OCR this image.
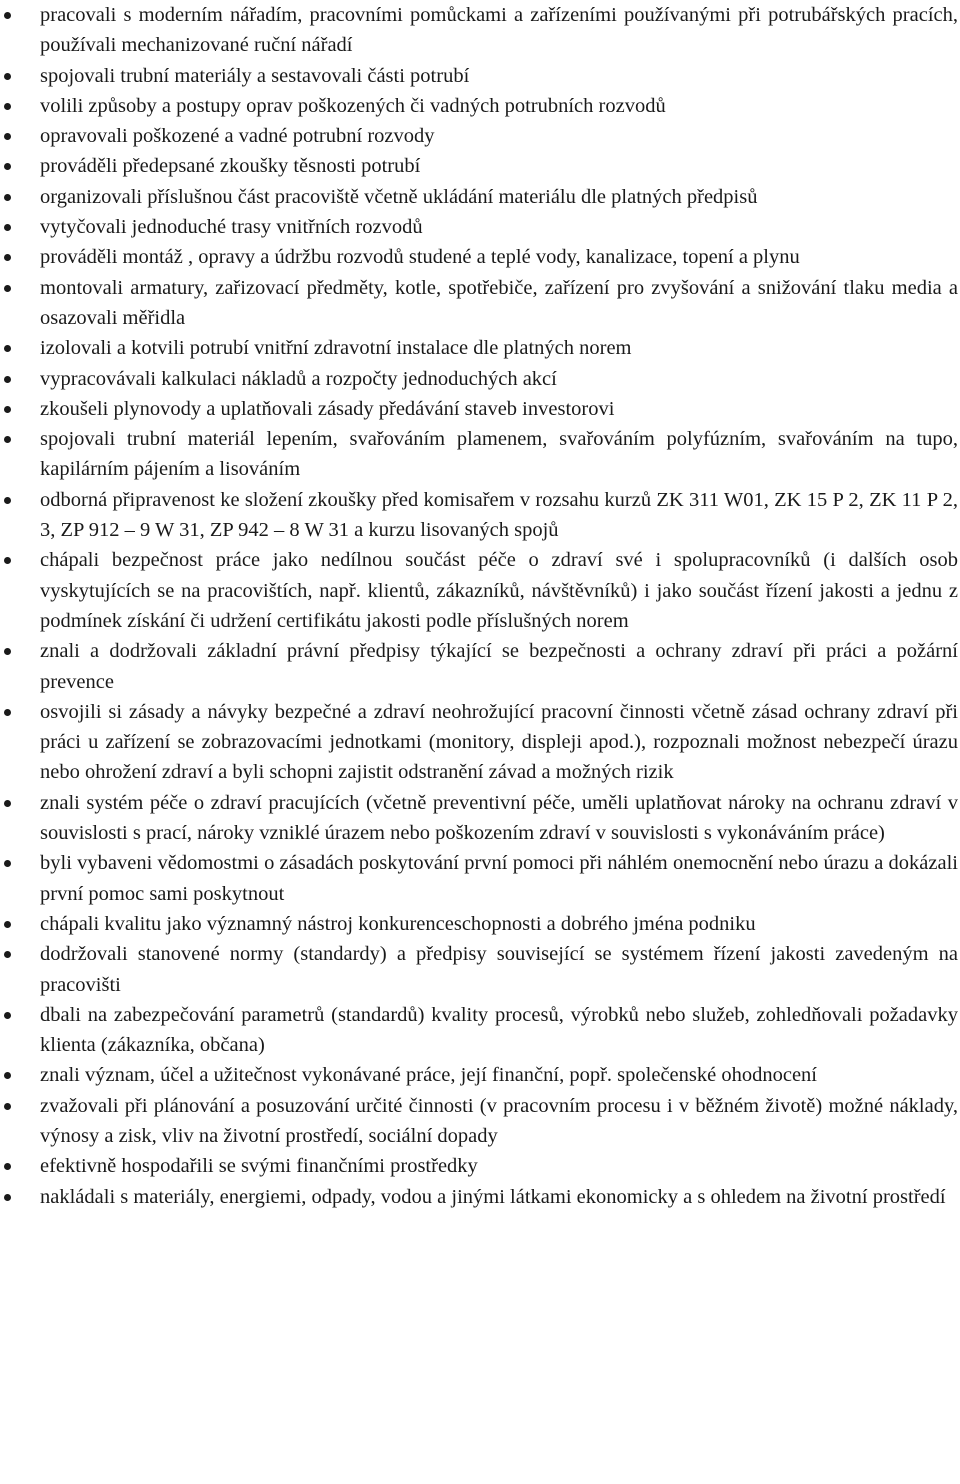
pracovali s moderním nářadím, pracovními pomůckami a zařízeními používanými při potrubářských pracích, používali mechanizované ruční nářadí
spojovali trubní materiály a sestavovali části potrubí
volili způsoby a postupy oprav poškozených či vadných potrubních rozvodů
opravovali poškozené a vadné potrubní rozvody
prováděli předepsané zkoušky těsnosti potrubí
organizovali příslušnou část pracoviště včetně ukládání materiálu dle platných předpisů
vytyčovali jednoduché trasy vnitřních rozvodů
prováděli montáž , opravy a údržbu rozvodů studené a teplé vody, kanalizace, topení a plynu
montovali armatury, zařizovací předměty, kotle, spotřebiče, zařízení pro zvyšování a snižování tlaku media a osazovali měřidla
izolovali a kotvili potrubí vnitřní zdravotní instalace dle platných norem
vypracovávali kalkulaci nákladů a rozpočty jednoduchých akcí
zkoušeli plynovody a uplatňovali zásady předávání staveb investorovi
spojovali trubní materiál lepením, svařováním plamenem, svařováním polyfúzním, svařováním na tupo, kapilárním pájením a lisováním
odborná připravenost ke složení zkoušky před komisařem v rozsahu kurzů ZK 311 W01, ZK 15 P 2, ZK 11 P 2, 3, ZP 912 – 9 W 31, ZP 942 – 8 W 31 a kurzu lisovaných spojů
chápali bezpečnost práce jako nedílnou součást péče o zdraví své i spolupracovníků (i dalších osob vyskytujících se na pracovištích, např. klientů, zákazníků, návštěvníků) i jako součást řízení jakosti a jednu z podmínek získání či udržení certifikátu jakosti podle příslušných norem
znali a dodržovali základní právní předpisy týkající se bezpečnosti a ochrany zdraví při práci a požární prevence
osvojili si zásady a návyky bezpečné a zdraví neohrožující pracovní činnosti včetně zásad ochrany zdraví při práci u zařízení se zobrazovacími jednotkami (monitory, displeji apod.), rozpoznali možnost nebezpečí úrazu nebo ohrožení zdraví a byli schopni zajistit odstranění závad a možných rizik
znali systém péče o zdraví pracujících (včetně preventivní péče, uměli uplatňovat nároky na ochranu zdraví v souvislosti s prací, nároky vzniklé úrazem nebo poškozením zdraví v souvislosti s vykonáváním práce)
byli vybaveni vědomostmi o zásadách poskytování první pomoci při náhlém onemocnění nebo úrazu a dokázali první pomoc sami poskytnout
chápali kvalitu jako významný nástroj konkurenceschopnosti a dobrého jména podniku
dodržovali stanovené normy (standardy) a předpisy související se systémem řízení jakosti zavedeným na pracovišti
dbali na zabezpečování parametrů (standardů) kvality procesů, výrobků nebo služeb, zohledňovali požadavky klienta (zákazníka, občana)
znali význam, účel a užitečnost vykonávané práce, její finanční, popř. společenské ohodnocení
zvažovali při plánování a posuzování určité činnosti (v pracovním procesu i v běžném životě) možné náklady, výnosy a zisk, vliv na životní prostředí, sociální dopady
efektivně hospodařili se svými finančními prostředky
nakládali s materiály, energiemi, odpady, vodou a jinými látkami ekonomicky a s ohledem na životní prostředí
